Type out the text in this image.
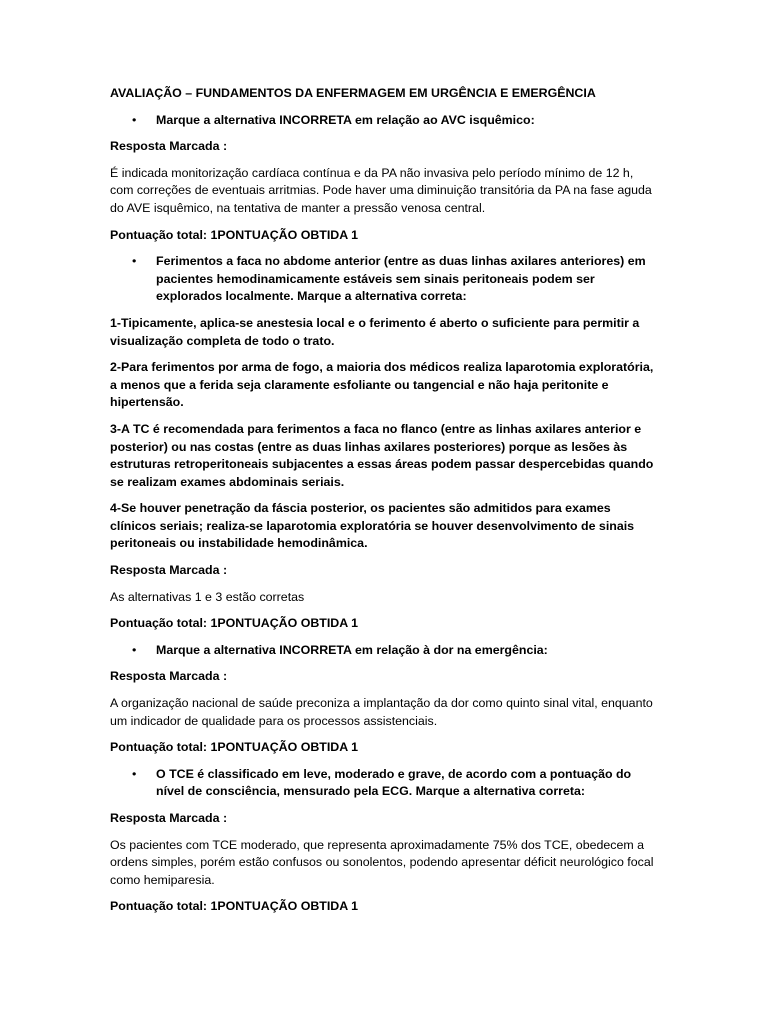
AVALIAÇÃO – FUNDAMENTOS DA ENFERMAGEM EM URGÊNCIA E EMERGÊNCIA

• Marque a alternativa INCORRETA em relação ao AVC isquêmico:

Resposta Marcada :

É indicada monitorização cardíaca contínua e da PA não invasiva pelo período mínimo de 12 h, com correções de eventuais arritmias. Pode haver uma diminuição transitória da PA na fase aguda do AVE isquêmico, na tentativa de manter a pressão venosa central.

Pontuação total: 1PONTUAÇÃO OBTIDA 1

• Ferimentos a faca no abdome anterior (entre as duas linhas axilares anteriores) em pacientes hemodinamicamente estáveis sem sinais peritoneais podem ser explorados localmente. Marque a alternativa correta:

1-Tipicamente, aplica-se anestesia local e o ferimento é aberto o suficiente para permitir a visualização completa de todo o trato.

2-Para ferimentos por arma de fogo, a maioria dos médicos realiza laparotomia exploratória, a menos que a ferida seja claramente esfoliante ou tangencial e não haja peritonite e hipertensão.

3-A TC é recomendada para ferimentos a faca no flanco (entre as linhas axilares anterior e posterior) ou nas costas (entre as duas linhas axilares posteriores) porque as lesões às estruturas retroperitoneais subjacentes a essas áreas podem passar despercebidas quando se realizam exames abdominais seriais.

4-Se houver penetração da fáscia posterior, os pacientes são admitidos para exames clínicos seriais; realiza-se laparotomia exploratória se houver desenvolvimento de sinais peritoneais ou instabilidade hemodinâmica.

Resposta Marcada :

As alternativas 1 e 3 estão corretas

Pontuação total: 1PONTUAÇÃO OBTIDA 1

• Marque a alternativa INCORRETA em relação à dor na emergência:

Resposta Marcada :

A organização nacional de saúde preconiza a implantação da dor como quinto sinal vital, enquanto um indicador de qualidade para os processos assistenciais.

Pontuação total: 1PONTUAÇÃO OBTIDA 1

• O TCE é classificado em leve, moderado e grave, de acordo com a pontuação do nível de consciência, mensurado pela ECG. Marque a alternativa correta:

Resposta Marcada :

Os pacientes com TCE moderado, que representa aproximadamente 75% dos TCE, obedecem a ordens simples, porém estão confusos ou sonolentos, podendo apresentar déficit neurológico focal como hemiparesia.

Pontuação total: 1PONTUAÇÃO OBTIDA 1
